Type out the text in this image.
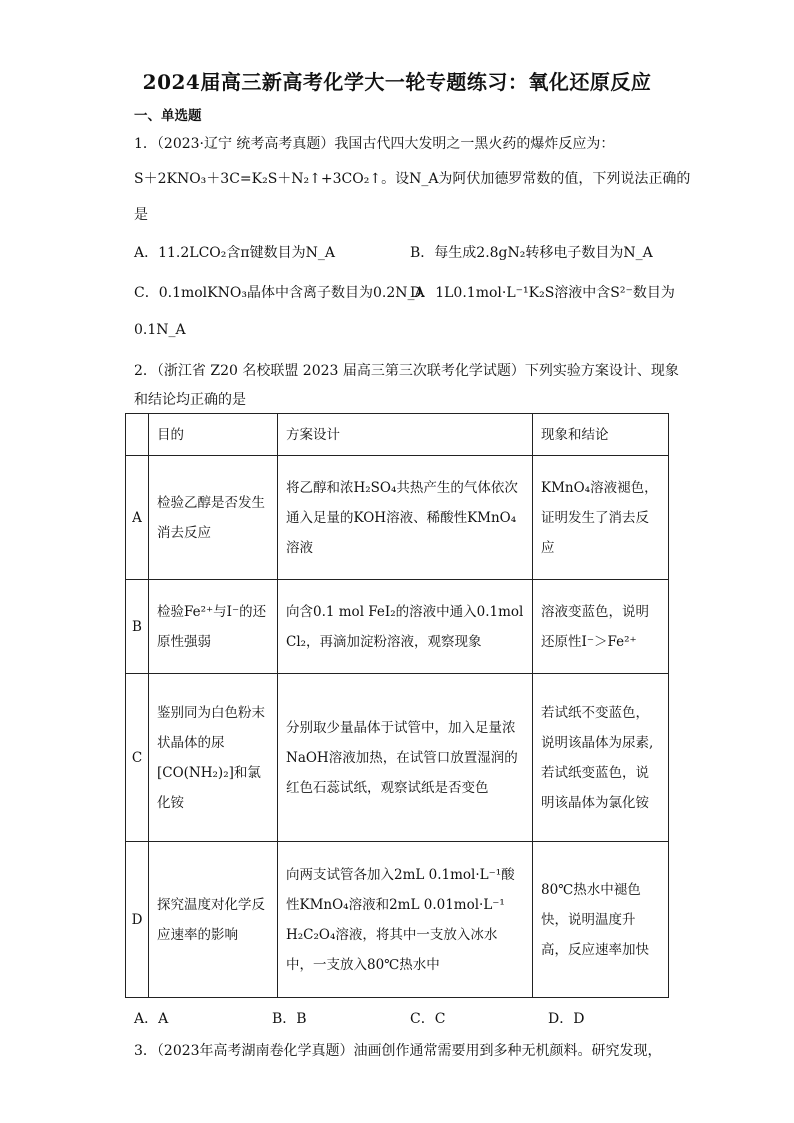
2024届高三新高考化学大一轮专题练习：氧化还原反应
一、单选题
1．（2023·辽宁 统考高考真题）我国古代四大发明之一黑火药的爆炸反应为：
S＋2KNO₃＋3C=K₂S＋N₂↑+3CO₂↑。设N_A为阿伏加德罗常数的值，下列说法正确的
是
A．11.2LCO₂含π键数目为N_A	B．每生成2.8gN₂转移电子数目为N_A
C．0.1molKNO₃晶体中含离子数目为0.2N_A
D．1L0.1mol·L⁻¹K₂S溶液中含S²⁻数目为
0.1N_A
2．（浙江省 Z20 名校联盟 2023 届高三第三次联考化学试题）下列实验方案设计、现象
和结论均正确的是
	目的	方案设计	现象和结论
A	检验乙醇是否发生消去反应	将乙醇和浓H₂SO₄共热产生的气体依次通入足量的KOH溶液、稀酸性KMnO₄溶液	KMnO₄溶液褪色，证明发生了消去反应
B	检验Fe²⁺与I⁻的还原性强弱	向含0.1 mol FeI₂的溶液中通入0.1mol Cl₂，再滴加淀粉溶液，观察现象	溶液变蓝色，说明还原性I⁻＞Fe²⁺
C	鉴别同为白色粉末状晶体的尿[CO(NH₂)₂]和氯化铵	分别取少量晶体于试管中，加入足量浓NaOH溶液加热，在试管口放置湿润的红色石蕊试纸，观察试纸是否变色	若试纸不变蓝色，说明该晶体为尿素,若试纸变蓝色，说明该晶体为氯化铵
D	探究温度对化学反应速率的影响	向两支试管各加入2mL 0.1mol·L⁻¹酸性KMnO₄溶液和2mL 0.01mol·L⁻¹ H₂C₂O₄溶液，将其中一支放入冰水中，一支放入80℃热水中	80℃热水中褪色快，说明温度升高，反应速率加快
A．A	B．B	C．C	D．D
3．（2023年高考湖南卷化学真题）油画创作通常需要用到多种无机颜料。研究发现，
